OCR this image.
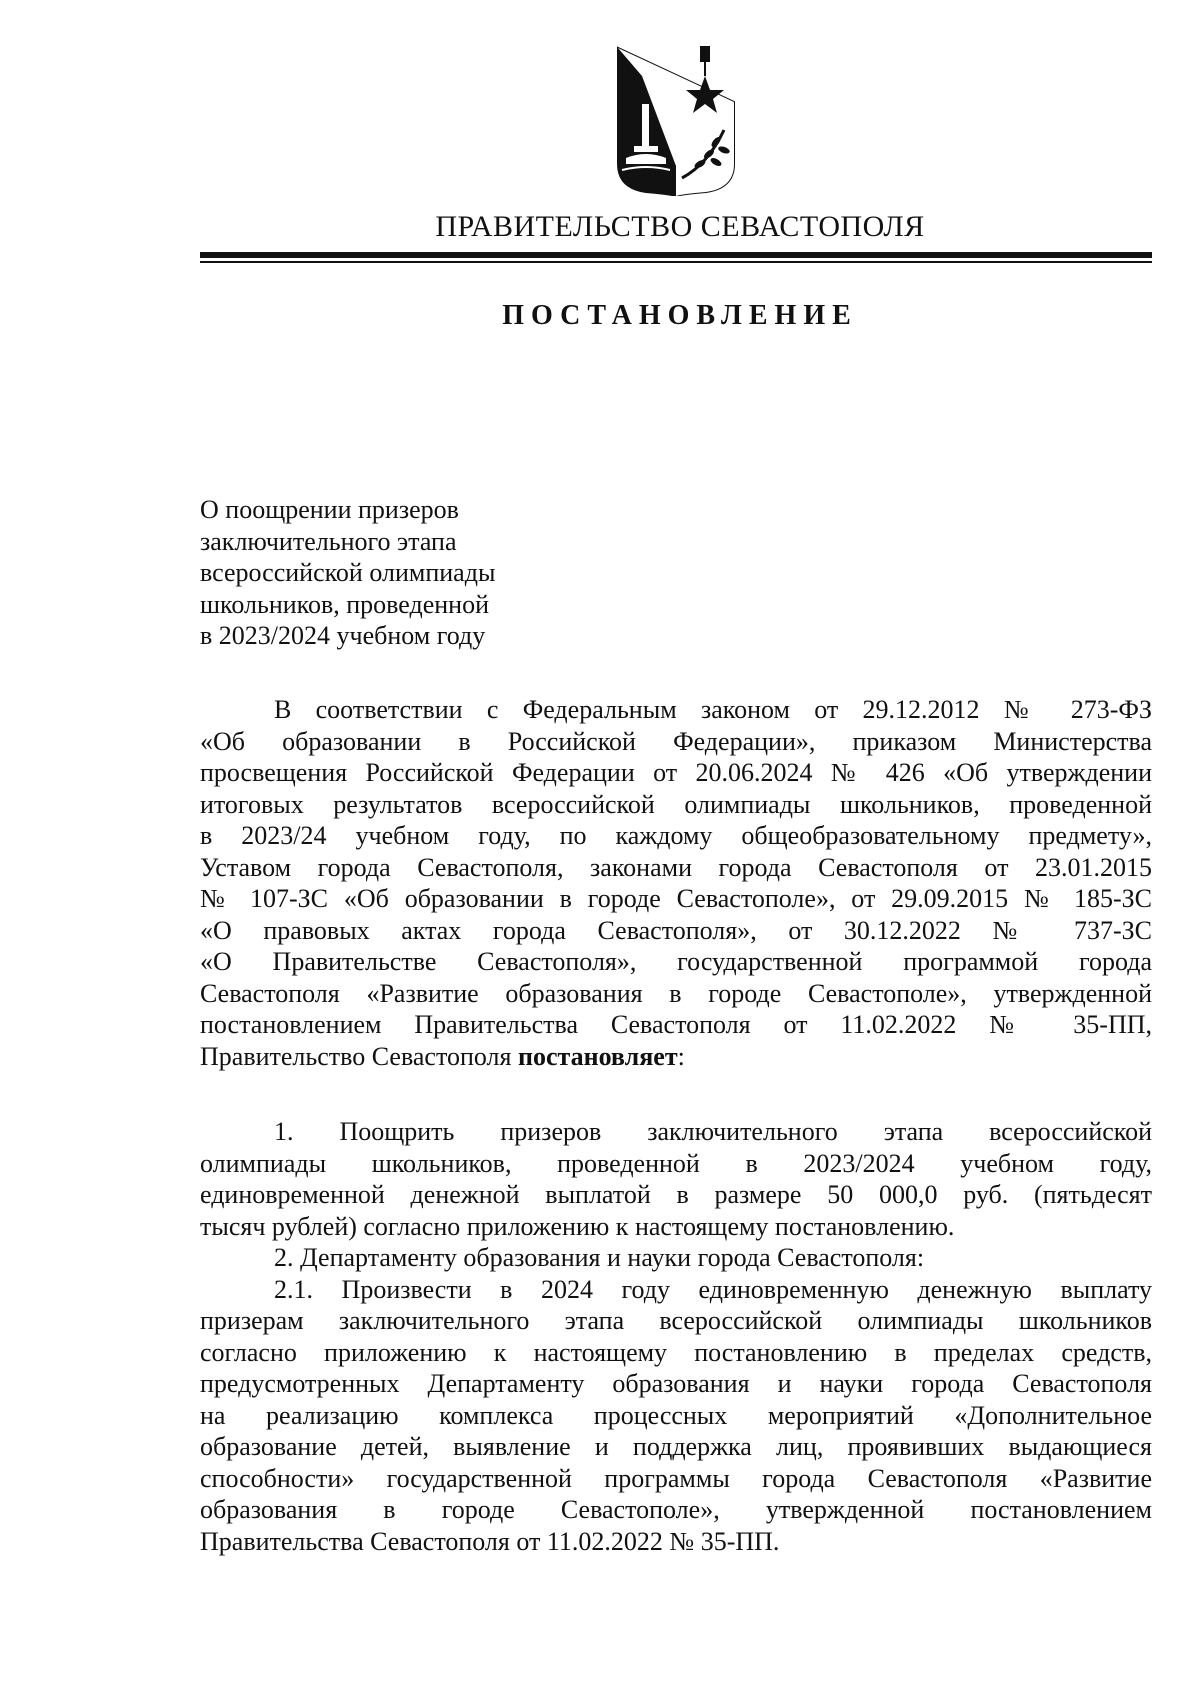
ПРАВИТЕЛЬСТВО СЕВАСТОПОЛЯ
ПОСТАНОВЛЕНИЕ
О поощрении призеров
заключительного этапа
всероссийской олимпиады
школьников, проведенной
в 2023/2024 учебном году
В соответствии с Федеральным законом от 29.12.2012 № 273-ФЗ
«Об образовании в Российской Федерации», приказом Министерства
просвещения Российской Федерации от 20.06.2024 № 426 «Об утверждении
итоговых результатов всероссийской олимпиады школьников, проведенной
в 2023/24 учебном году, по каждому общеобразовательному предмету»,
Уставом города Севастополя, законами города Севастополя от 23.01.2015
№ 107-ЗС «Об образовании в городе Севастополе», от 29.09.2015 № 185-ЗС
«О правовых актах города Севастополя», от 30.12.2022 № 737-ЗС
«О Правительстве Севастополя», государственной программой города
Севастополя «Развитие образования в городе Севастополе», утвержденной
постановлением Правительства Севастополя от 11.02.2022 № 35-ПП,
Правительство Севастополя постановляет:
1. Поощрить призеров заключительного этапа всероссийской
олимпиады школьников, проведенной в 2023/2024 учебном году,
единовременной денежной выплатой в размере 50 000,0 руб. (пятьдесят
тысяч рублей) согласно приложению к настоящему постановлению.
2. Департаменту образования и науки города Севастополя:
2.1. Произвести в 2024 году единовременную денежную выплату
призерам заключительного этапа всероссийской олимпиады школьников
согласно приложению к настоящему постановлению в пределах средств,
предусмотренных Департаменту образования и науки города Севастополя
на реализацию комплекса процессных мероприятий «Дополнительное
образование детей, выявление и поддержка лиц, проявивших выдающиеся
способности» государственной программы города Севастополя «Развитие
образования в городе Севастополе», утвержденной постановлением
Правительства Севастополя от 11.02.2022 № 35-ПП.
